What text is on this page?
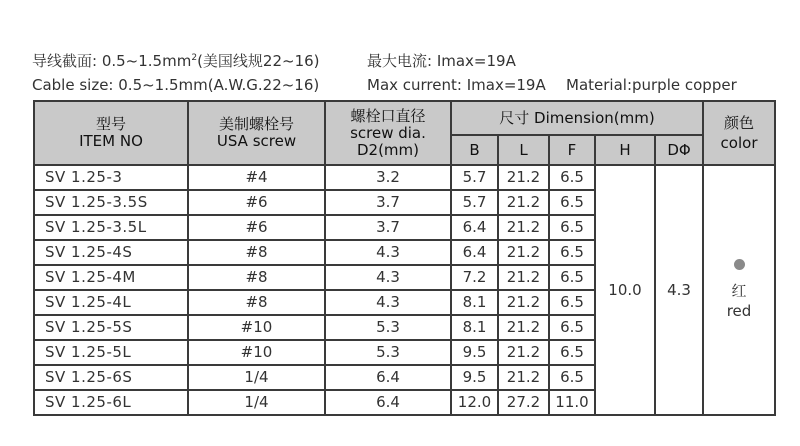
导线截面: $0.5\sim 1.5mm^2$(美国线规22~16)	最大电流: Imax=19A
Cable size: 0.5~1.5mm(A.W.G.22~16)	Max current: Imax=19A Material:purple copper
型号
ITEM NO	美制螺栓号
USA screw	螺栓口直径
screw dia.
D2(mm)	尺寸 Dimension(mm)					颜色
color
			B	L	F	H	DΦ	
SV 1.25-3	#4	3.2	5.7	21.2	6.5	10.0	4.3	红
red
SV 1.25-3.5S	#6	3.7	5.7	21.2	6.5			
SV 1.25-3.5L	#6	3.7	6.4	21.2	6.5			
SV 1.25-4S	#8	4.3	6.4	21.2	6.5			
SV 1.25-4M	#8	4.3	7.2	21.2	6.5			
SV 1.25-4L	#8	4.3	8.1	21.2	6.5			
SV 1.25-5S	#10	5.3	8.1	21.2	6.5			
SV 1.25-5L	#10	5.3	9.5	21.2	6.5			
SV 1.25-6S	1/4	6.4	9.5	21.2	6.5			
SV 1.25-6L	1/4	6.4	12.0	27.2	11.0			
